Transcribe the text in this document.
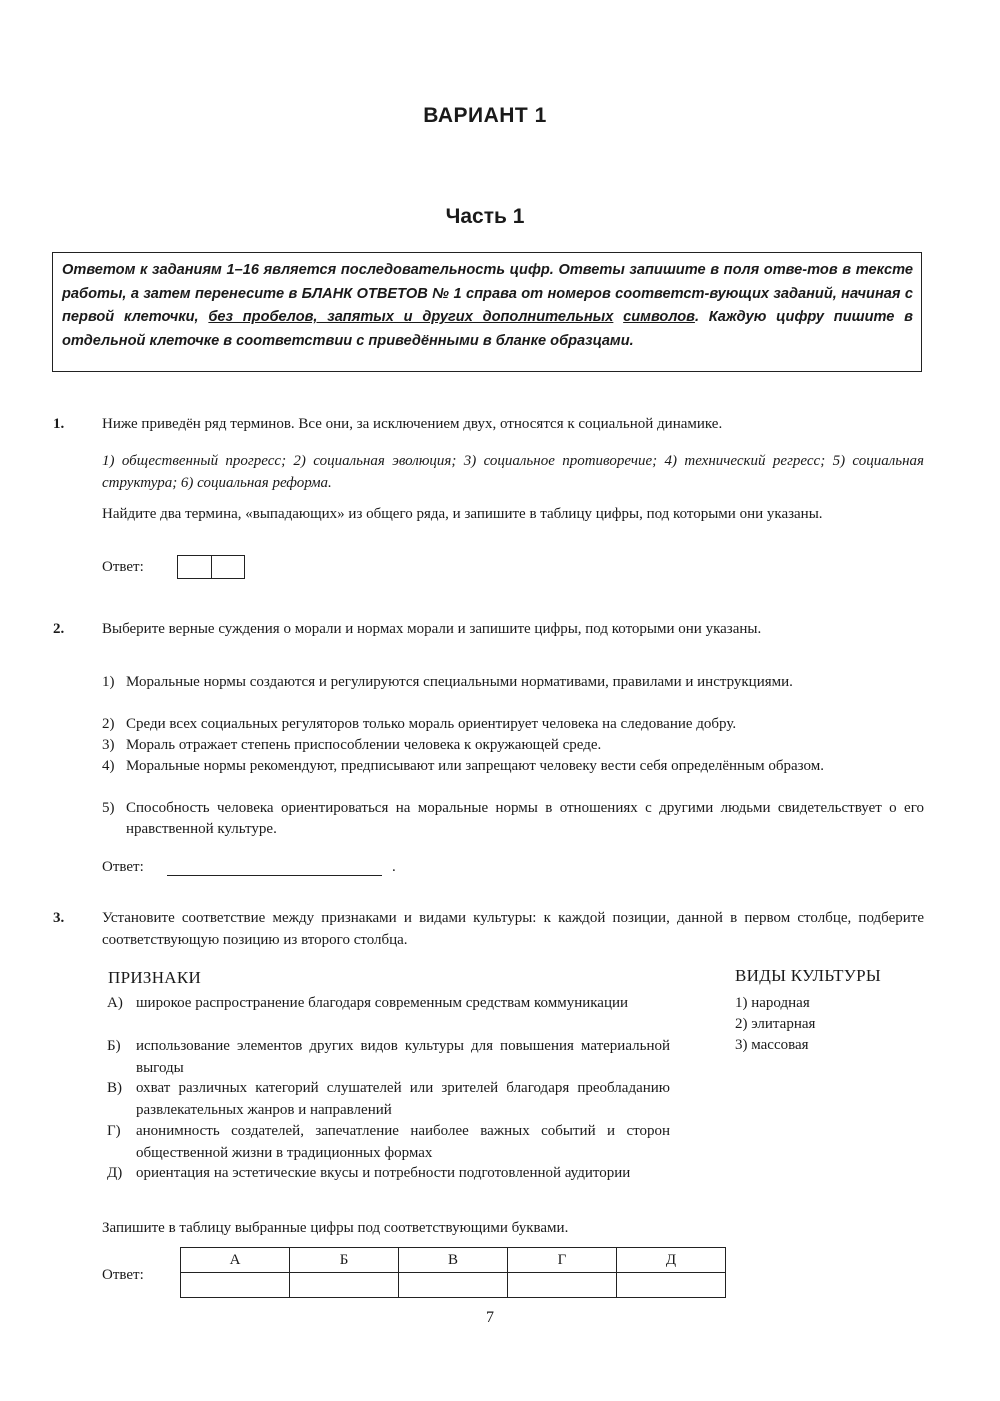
ВАРИАНТ 1
Часть 1

Ответом к заданиям 1–16 является последовательность цифр. Ответы запишите в поля отве-тов в тексте работы, а затем перенесите в БЛАНК ОТВЕТОВ № 1 справа от номеров соответст-вующих заданий, начиная с первой клеточки, без пробелов, запятых и других дополнительных символов. Каждую цифру пишите в отдельной клеточке в соответствии с приведёнными в бланке образцами.

1.	Ниже приведён ряд терминов. Все они, за исключением двух, относятся к социальной динамике.

1) общественный прогресс; 2) социальная эволюция; 3) социальное противоречие; 4) технический регресс; 5) социальная структура; 6) социальная реформа.

Найдите два термина, «выпадающих» из общего ряда, и запишите в таблицу цифры, под которыми они указаны.

Ответ:
2.	Выберите верные суждения о морали и нормах морали и запишите цифры, под которыми они указаны.

1) Моральные нормы создаются и регулируются специальными нормативами, правилами и инструкциями.
2) Среди всех социальных регуляторов только мораль ориентирует человека на следование добру.
3) Мораль отражает степень приспособлении человека к окружающей среде.
4) Моральные нормы рекомендуют, предписывают или запрещают человеку вести себя определённым образом.
5) Способность человека ориентироваться на моральные нормы в отношениях с другими людьми свидетельствует о его нравственной культуре.
Ответ:	.
3.	Установите соответствие между признаками и видами культуры: к каждой позиции, данной в первом столбце, подберите соответствующую позицию из второго столбца.

ПРИЗНАКИ	ВИДЫ КУЛЬТУРЫ
А) широкое распространение благодаря современным средствам коммуникации
Б)	использование элементов других видов культуры для повышения материальной выгоды
В) охват различных категорий слушателей или зрителей благодаря преобладанию развлекательных жанров и направлений
Г)	анонимность создателей, запечатление наиболее важных событий и сторон общественной жизни в традиционных формах
Д) ориентация на эстетические вкусы и потребности подготовленной аудитории
1) народная
2) элитарная
3) массовая

Запишите в таблицу выбранные цифры под соответствующими буквами.

Ответ:
А	Б	В	Г	Д

7
